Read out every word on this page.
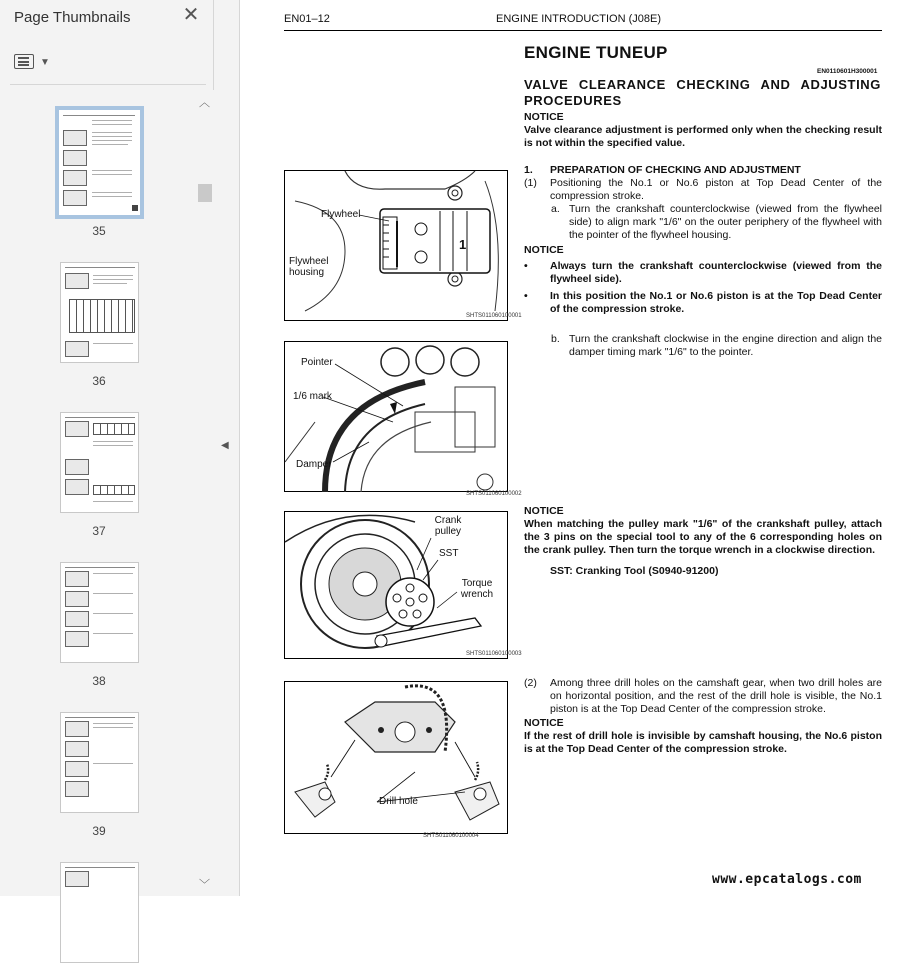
Page Thumbnails	✕
▼
35
36
37
38
39
︿
﹀
◀
EN01–12	ENGINE INTRODUCTION (J08E)
ENGINE TUNEUP
EN0110601H300001
VALVE CLEARANCE CHECKING AND ADJUSTING
PROCEDURES
NOTICE
Valve clearance adjustment is performed only when the checking result is not within the specified value.
1. PREPARATION OF CHECKING AND ADJUSTMENT
(1) Positioning the No.1 or No.6 piston at Top Dead Center of the compression stroke.
a. Turn the crankshaft counterclockwise (viewed from the flywheel side) to align mark "1/6" on the outer periphery of the flywheel with the pointer of the flywheel housing.
NOTICE
• Always turn the crankshaft counterclockwise (viewed from the flywheel side).
• In this position the No.1 or No.6 piston is at the Top Dead Center of the compression stroke.
b. Turn the crankshaft clockwise in the engine direction and align the damper timing mark "1/6" to the pointer.
NOTICE
When matching the pulley mark "1/6" of the crankshaft pulley, attach the 3 pins on the special tool to any of the 6 corresponding holes on the crank pulley. Then turn the torque wrench in a clockwise direction.
SST: Cranking Tool (S0940-91200)
(2) Among three drill holes on the camshaft gear, when two drill holes are on horizontal position, and the rest of the drill hole is visible, the No.1 piston is at the Top Dead Center of the compression stroke.
NOTICE
If the rest of drill hole is invisible by camshaft housing, the No.6 piston is at the Top Dead Center of the compression stroke.
Flywheel
Flywheel housing
1
SHTS011060100001
Pointer
1/6 mark
Damper
SHTS011060100002
Crank pulley
SST
Torque wrench
SHTS011060100003
Drill hole
SHTS011060100004
www.epcatalogs.com
